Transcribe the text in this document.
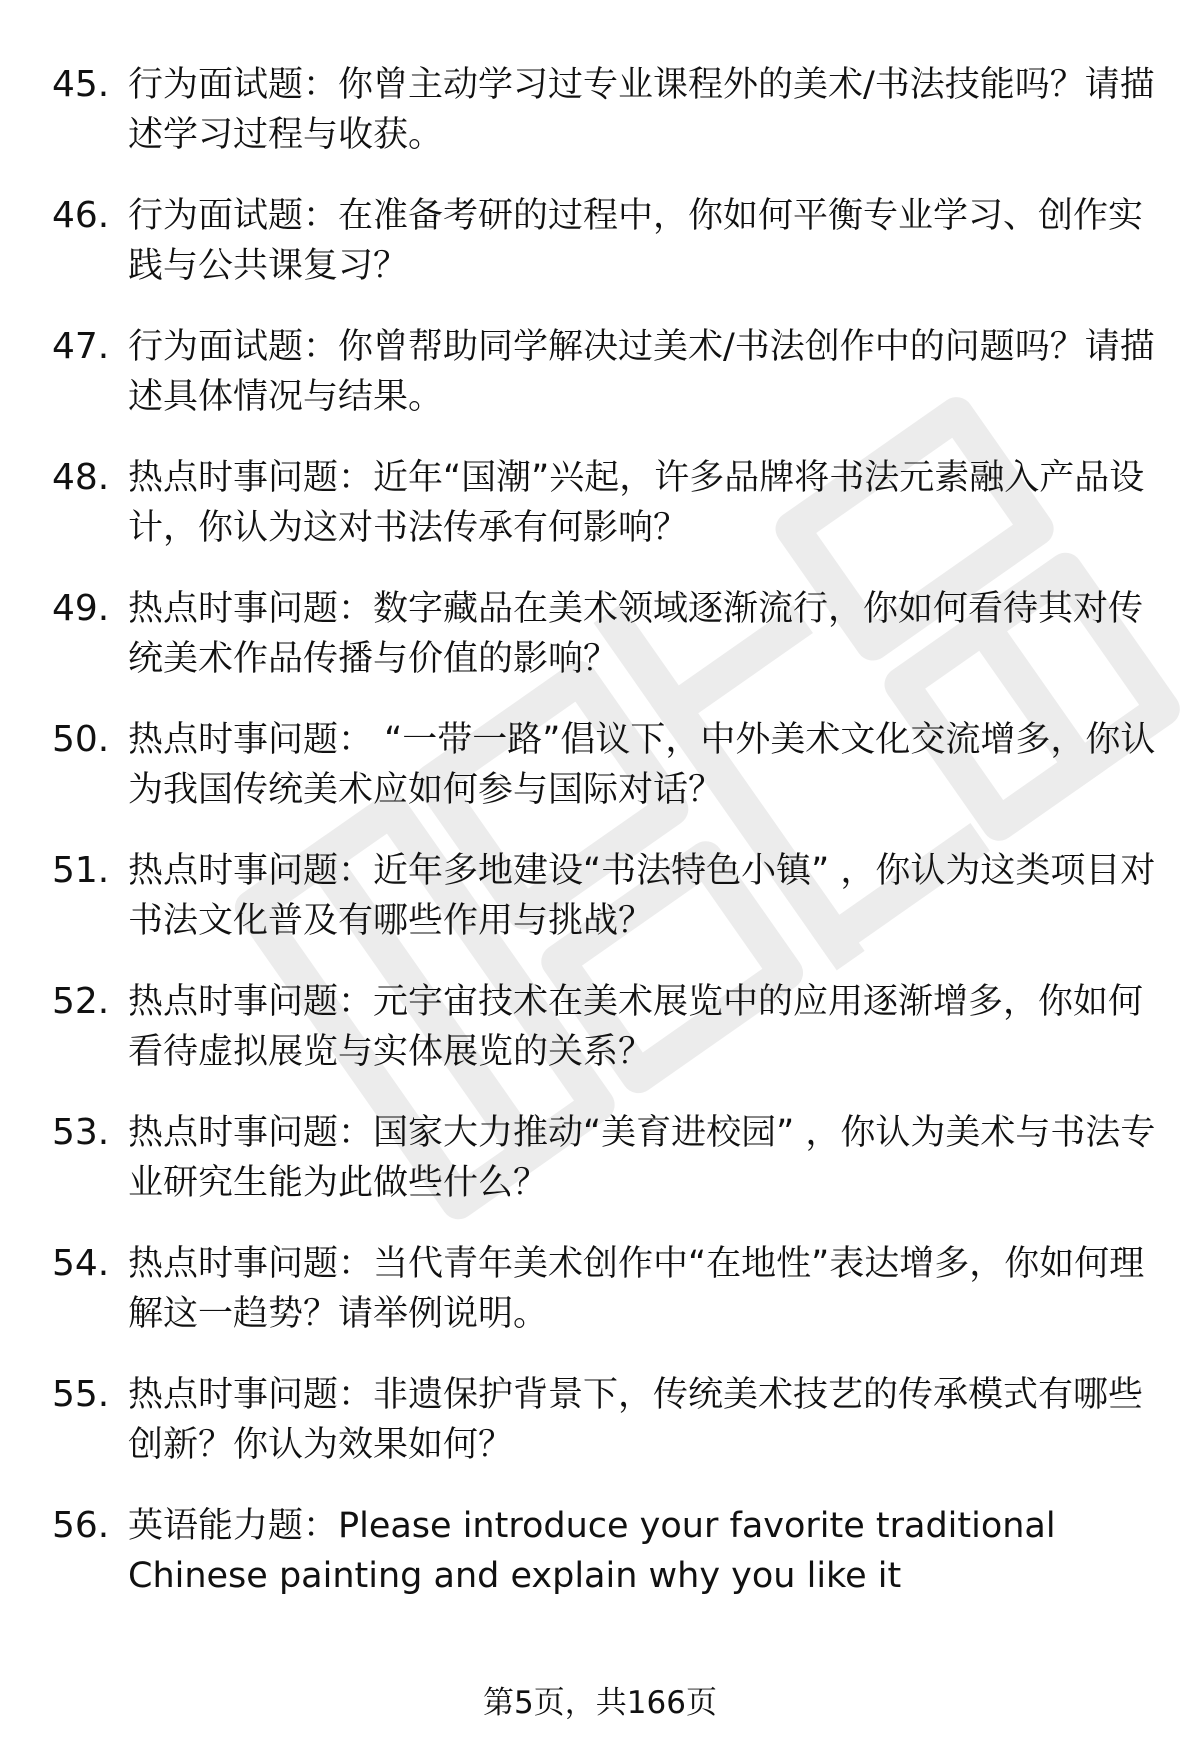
45. 行为面试题：你曾主动学习过专业课程外的美术/书法技能吗？请描述学习过程与收获。
46. 行为面试题：在准备考研的过程中，你如何平衡专业学习、创作实践与公共课复习？
47. 行为面试题：你曾帮助同学解决过美术/书法创作中的问题吗？请描述具体情况与结果。
48. 热点时事问题：近年“国潮”兴起，许多品牌将书法元素融入产品设计，你认为这对书法传承有何影响？
49. 热点时事问题：数字藏品在美术领域逐渐流行，你如何看待其对传统美术作品传播与价值的影响？
50. 热点时事问题： “一带一路”倡议下，中外美术文化交流增多，你认为我国传统美术应如何参与国际对话？
51. 热点时事问题：近年多地建设“书法特色小镇” ，你认为这类项目对书法文化普及有哪些作用与挑战？
52. 热点时事问题：元宇宙技术在美术展览中的应用逐渐增多，你如何看待虚拟展览与实体展览的关系？
53. 热点时事问题：国家大力推动“美育进校园” ，你认为美术与书法专业研究生能为此做些什么？
54. 热点时事问题：当代青年美术创作中“在地性”表达增多，你如何理解这一趋势？请举例说明。
55. 热点时事问题：非遗保护背景下，传统美术技艺的传承模式有哪些创新？你认为效果如何？
56. 英语能力题：Please introduce your favorite traditional Chinese painting and explain why you like it
第5页，共166页
